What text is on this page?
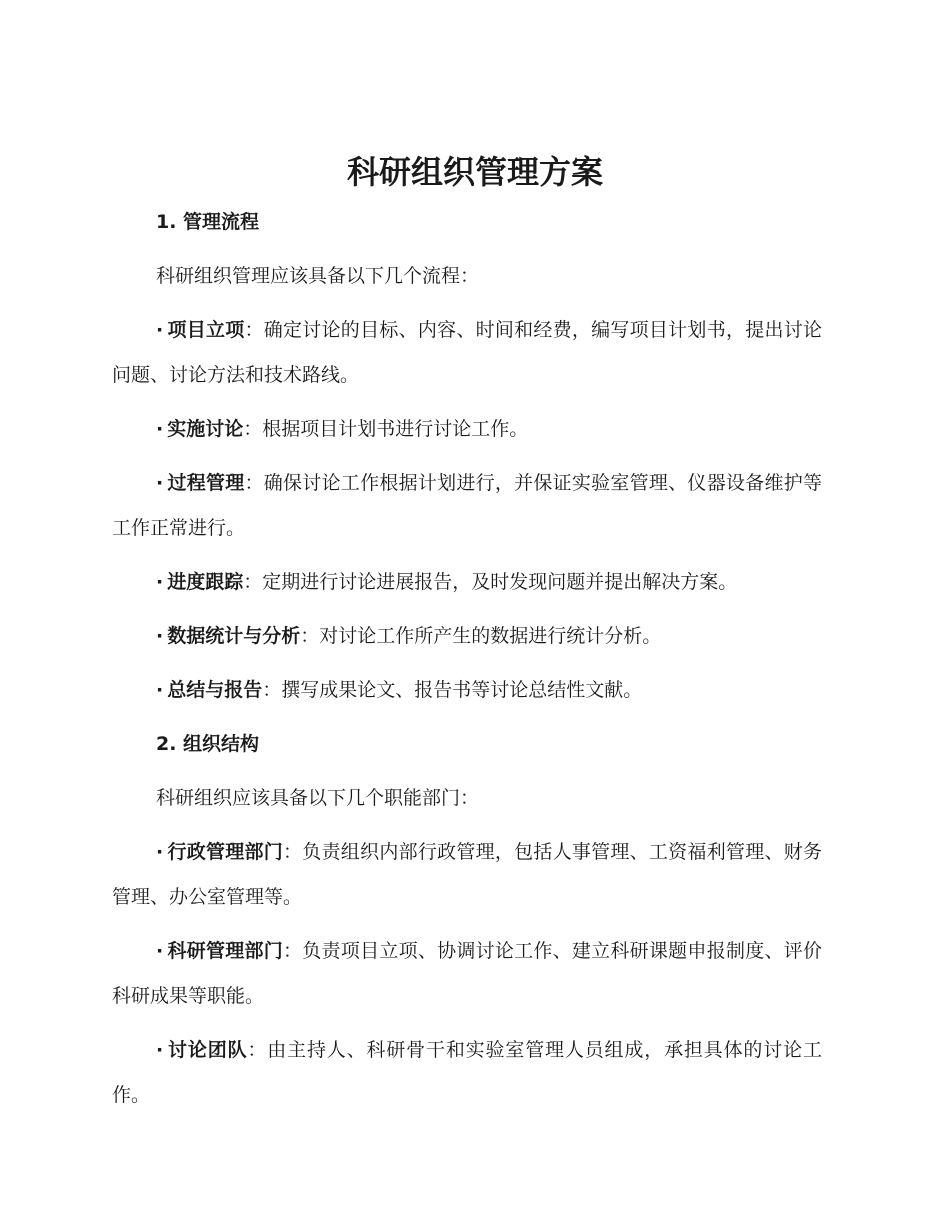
科研组织管理方案

1. 管理流程

科研组织管理应该具备以下几个流程：

· 项目立项：确定讨论的目标、内容、时间和经费，编写项目计划书，提出讨论问题、讨论方法和技术路线。

· 实施讨论：根据项目计划书进行讨论工作。

· 过程管理：确保讨论工作根据计划进行，并保证实验室管理、仪器设备维护等工作正常进行。

· 进度跟踪：定期进行讨论进展报告，及时发现问题并提出解决方案。

· 数据统计与分析：对讨论工作所产生的数据进行统计分析。

· 总结与报告：撰写成果论文、报告书等讨论总结性文献。

2. 组织结构

科研组织应该具备以下几个职能部门：

· 行政管理部门：负责组织内部行政管理，包括人事管理、工资福利管理、财务管理、办公室管理等。

· 科研管理部门：负责项目立项、协调讨论工作、建立科研课题申报制度、评价科研成果等职能。

· 讨论团队：由主持人、科研骨干和实验室管理人员组成，承担具体的讨论工作。
